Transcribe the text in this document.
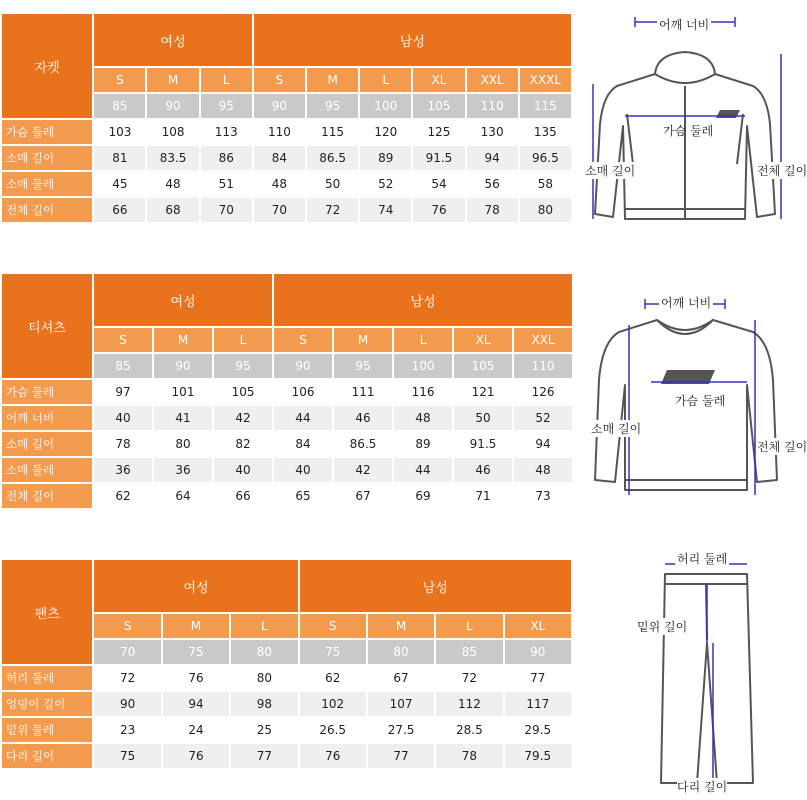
자켓	여성			남성					
	S	M	L	S	M	L	XL	XXL	XXXL
	85	90	95	90	95	100	105	110	115
가슴 둘레	103	108	113	110	115	120	125	130	135
소매 길이	81	83.5	86	84	86.5	89	91.5	94	96.5
소매 둘레	45	48	51	48	50	52	54	56	58
전체 길이	66	68	70	70	72	74	76	78	80
티셔츠	여성			남성				
	S	M	L	S	M	L	XL	XXL
	85	90	95	90	95	100	105	110
가슴 둘레	97	101	105	106	111	116	121	126
어깨 너비	40	41	42	44	46	48	50	52
소매 길이	78	80	82	84	86.5	89	91.5	94
소매 둘레	36	36	40	40	42	44	46	48
전체 길이	62	64	66	65	67	69	71	73
팬츠	여성			남성			
	S	M	L	S	M	L	XL
	70	75	80	75	80	85	90
허리 둘레	72	76	80	62	67	72	77
엉덩이 길이	90	94	98	102	107	112	117
밑위 둘레	23	24	25	26.5	27.5	28.5	29.5
다리 길이	75	76	77	76	77	78	79.5
어깨 너비
가슴 둘레
소매 길이	전체 길이
어깨 너비
가슴 둘레
소매 길이
전체 길이
허리 둘레
밑위 길이
다리 길이
